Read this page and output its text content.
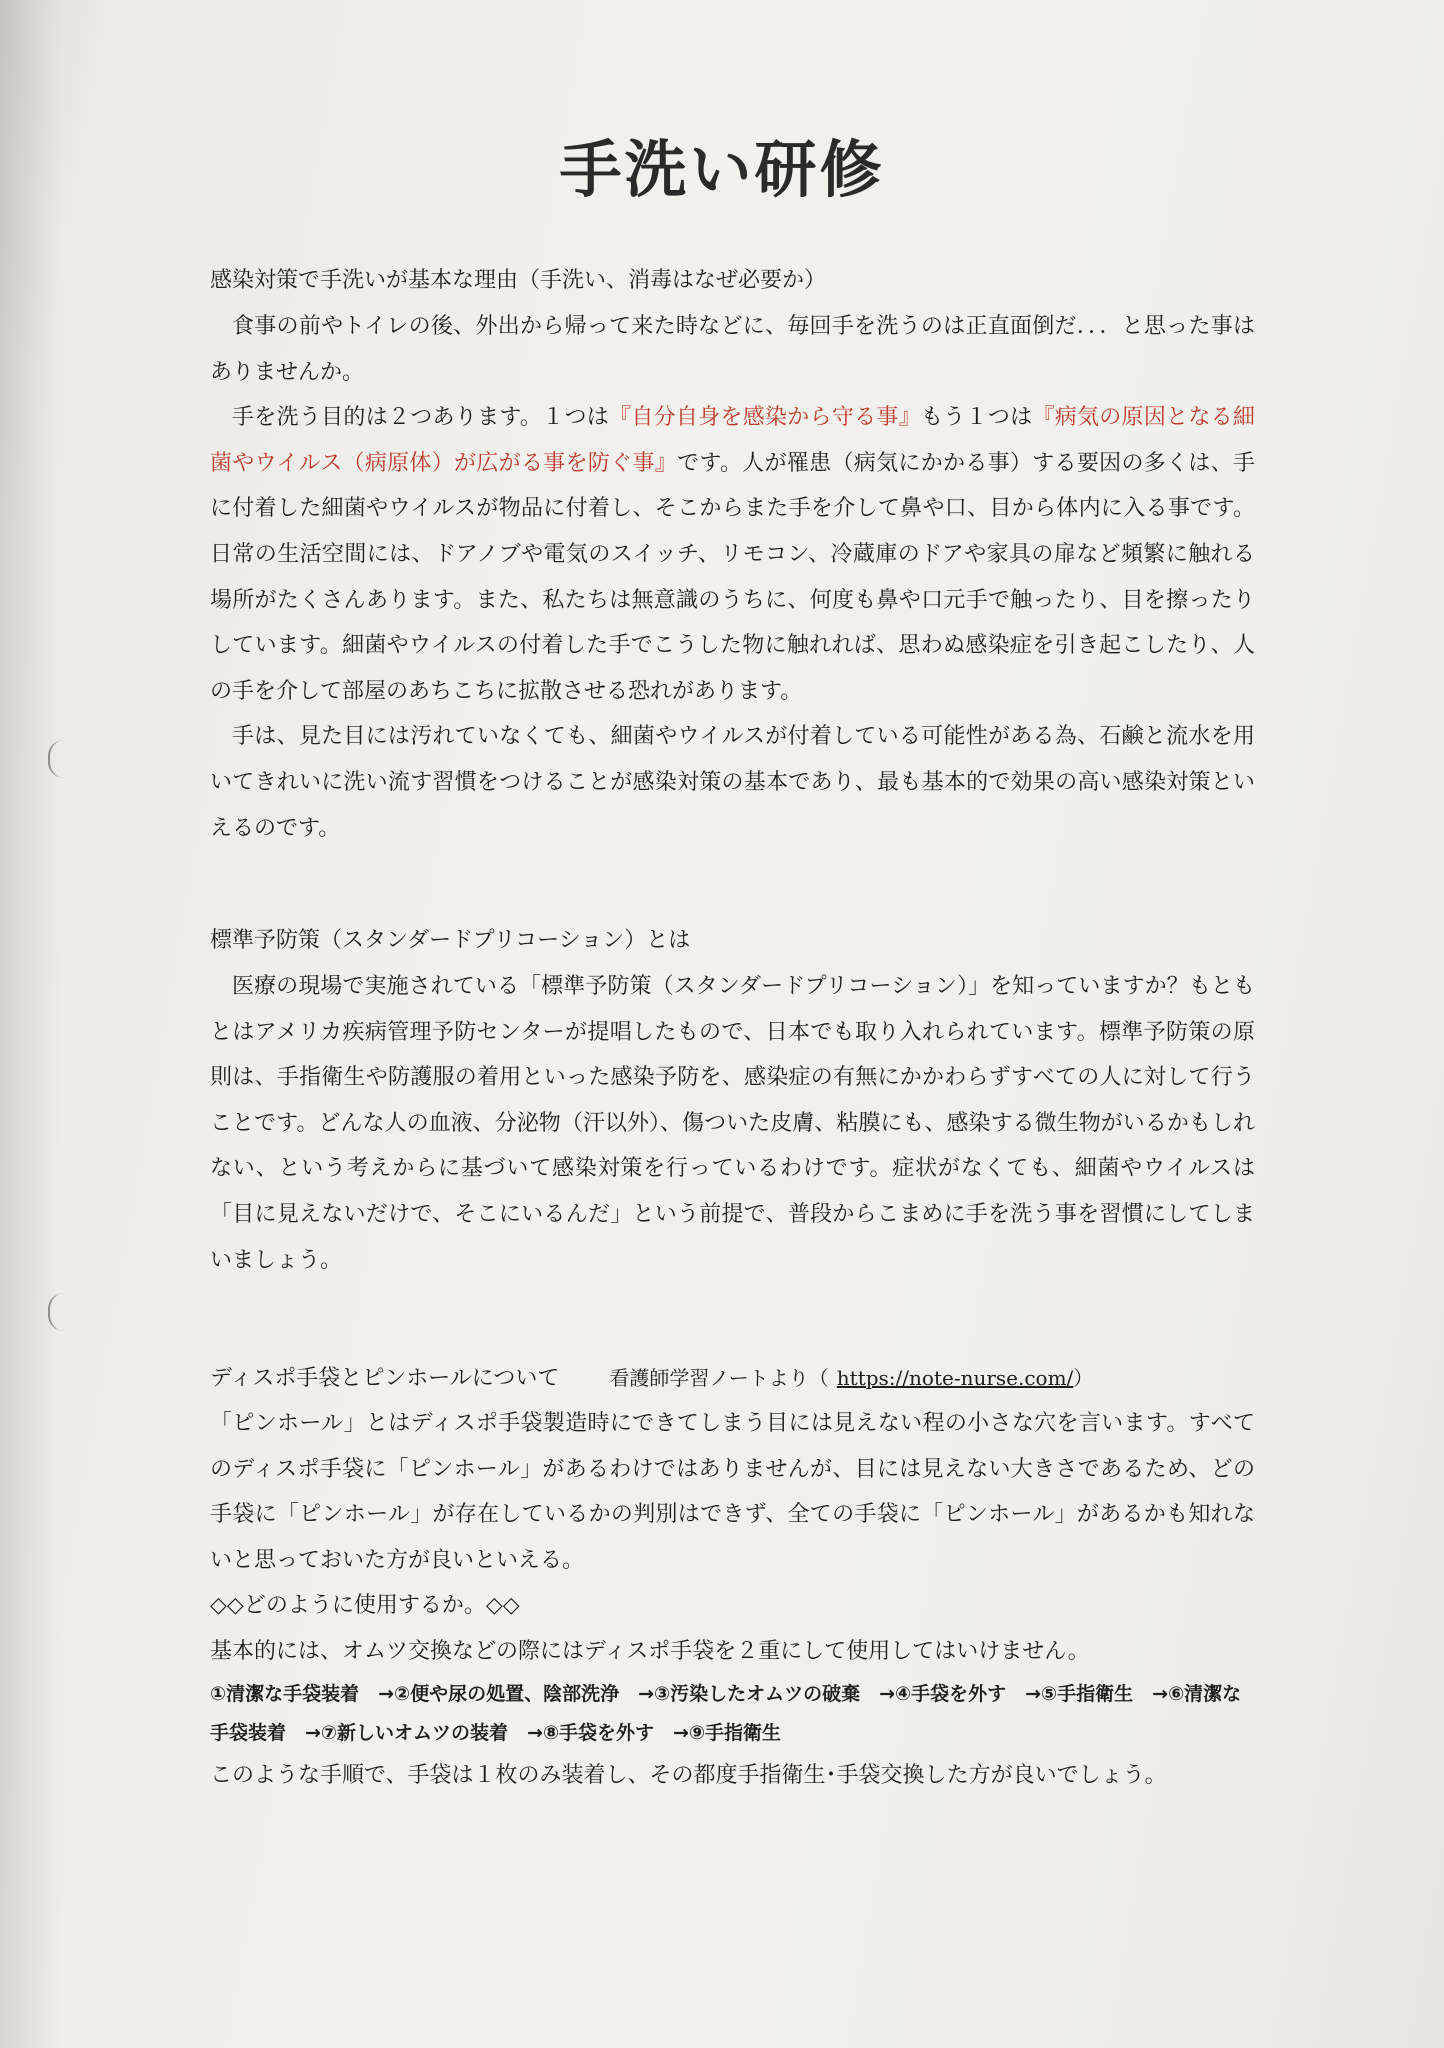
手洗い研修

感染対策で手洗いが基本な理由（手洗い、消毒はなぜ必要か）

食事の前やトイレの後、外出から帰って来た時などに、毎回手を洗うのは正直面倒だ．．．と思った事はありませんか。

手を洗う目的は２つあります。１つは『自分自身を感染から守る事』もう１つは『病気の原因となる細菌やウイルス（病原体）が広がる事を防ぐ事』です。人が罹患（病気にかかる事）する要因の多くは、手に付着した細菌やウイルスが物品に付着し、そこからまた手を介して鼻や口、目から体内に入る事です。日常の生活空間には、ドアノブや電気のスイッチ、リモコン、冷蔵庫のドアや家具の扉など頻繁に触れる場所がたくさんあります。また、私たちは無意識のうちに、何度も鼻や口元手で触ったり、目を擦ったりしています。細菌やウイルスの付着した手でこうした物に触れれば、思わぬ感染症を引き起こしたり、人の手を介して部屋のあちこちに拡散させる恐れがあります。

手は、見た目には汚れていなくても、細菌やウイルスが付着している可能性がある為、石鹸と流水を用いてきれいに洗い流す習慣をつけることが感染対策の基本であり、最も基本的で効果の高い感染対策といえるのです。

標準予防策（スタンダードプリコーション）とは

医療の現場で実施されている「標準予防策（スタンダードプリコーション）」を知っていますか？もともとはアメリカ疾病管理予防センターが提唱したもので、日本でも取り入れられています。標準予防策の原則は、手指衛生や防護服の着用といった感染予防を、感染症の有無にかかわらずすべての人に対して行うことです。どんな人の血液、分泌物（汗以外）、傷ついた皮膚、粘膜にも、感染する微生物がいるかもしれない、という考えからに基づいて感染対策を行っているわけです。症状がなくても、細菌やウイルスは「目に見えないだけで、そこにいるんだ」という前提で、普段からこまめに手を洗う事を習慣にしてしまいましょう。

ディスポ手袋とピンホールについて	看護師学習ノートより（ https://note-nurse.com/）

「ピンホール」とはディスポ手袋製造時にできてしまう目には見えない程の小さな穴を言います。すべてのディスポ手袋に「ピンホール」があるわけではありませんが、目には見えない大きさであるため、どの手袋に「ピンホール」が存在しているかの判別はできず、全ての手袋に「ピンホール」があるかも知れないと思っておいた方が良いといえる。

◇◇どのように使用するか。◇◇

基本的には、オムツ交換などの際にはディスポ手袋を２重にして使用してはいけません。

①清潔な手袋装着  →②便や尿の処置、陰部洗浄  →③汚染したオムツの破棄  →④手袋を外す  →⑤手指衛生  →⑥清潔な手袋装着  →⑦新しいオムツの装着  →⑧手袋を外す  →⑨手指衛生

このような手順で、手袋は１枚のみ装着し、その都度手指衛生･手袋交換した方が良いでしょう。
